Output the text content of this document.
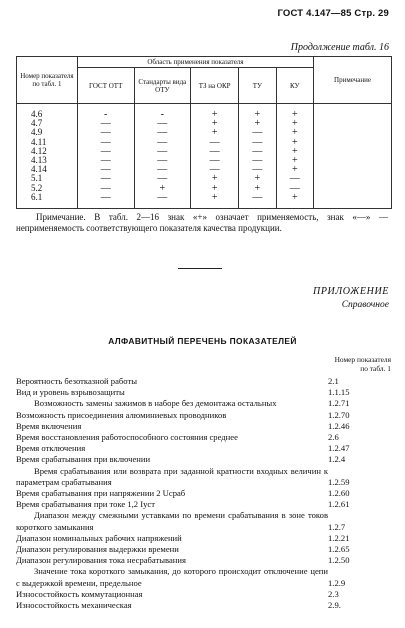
ГОСТ 4.147—85 Стр. 29
Продолжение табл. 16
Номер показателя по табл. 1	Область применения показателя					Примечание
	ГОСТ ОТТ	Стандарты вида ОТУ	ТЗ на ОКР	ТУ	КУ	
4.6	-	-	+	+	+	
4.7	—	—	+	+	+	
4.9	—	—	+	—	+	
4.11	—	—	—	—	+	
4.12	—	—	—	—	+	
4.13	—	—	—	—	+	
4.14	—	—	—	—	+	
5.1	—	—	+	+	—	
5.2	—	+	+	+	—	
6.1	—	—	+	—	+	
Примечание. В табл. 2—16 знак «+» означает применяемость, знак «—» — неприменяемость соответствующего показателя качества продукции.
ПРИЛОЖЕНИЕ
Справочное
АЛФАВИТНЫЙ ПЕРЕЧЕНЬ ПОКАЗАТЕЛЕЙ
Номер показателя по табл. 1
Вероятность безотказной работы	2.1
Вид и уровень взрывозащиты	1.1.15
Возможность замены зажимов в наборе без демонтажа остальных	1.2.71
Возможность присоединения алюминиевых проводников	1.2.70
Время включения	1.2.46
Время восстановления работоспособного состояния среднее	2.6
Время отключения	1.2.47
Время срабатывания при включении	1.2.4
Время срабатывания или возврата при заданной кратности входных величин к параметрам срабатывания	1.2.59
Время срабатывания при напряжении 2 Uсраб	1.2.60
Время срабатывания при токе 1,2 Iуст	1.2.61
Диапазон между смежными уставками по времени срабатывания в зоне токов короткого замыкания	1.2.7
Диапазон номинальных рабочих напряжений	1.2.21
Диапазон регулирования выдержки времени	1.2.65
Диапазон регулирования тока несрабатывания	1.2.50
Значение тока короткого замыкания, до которого происходит отключение цепи с выдержкой времени, предельное	1.2.9
Износостойкость коммутационная	2.3
Износостойкость механическая	2.9.
